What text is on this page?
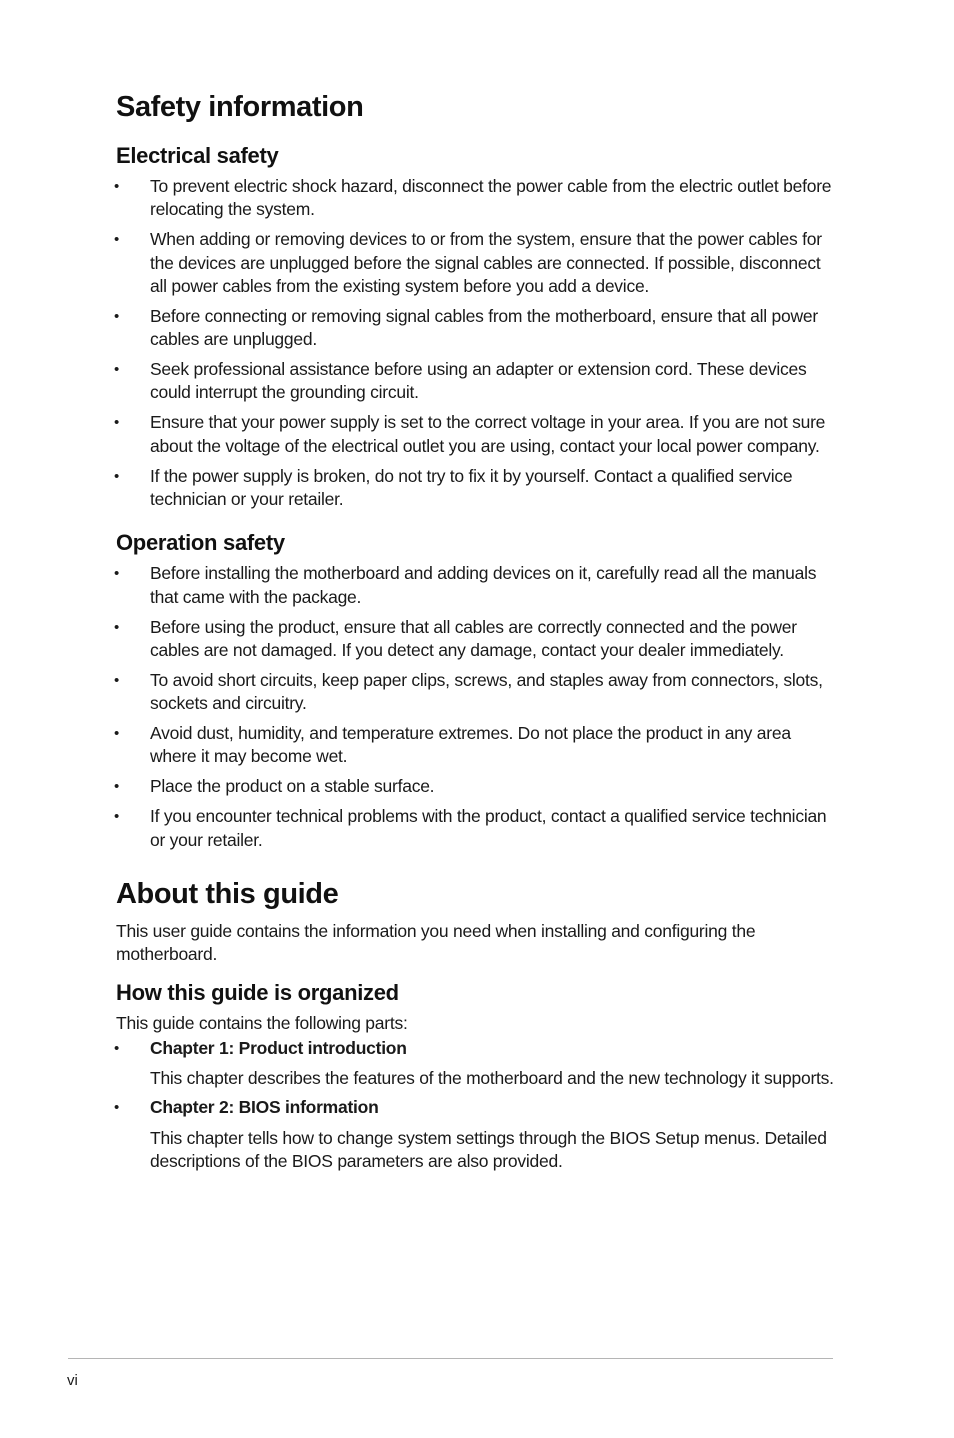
Safety information
Electrical safety
• To prevent electric shock hazard, disconnect the power cable from the electric outlet before relocating the system.
• When adding or removing devices to or from the system, ensure that the power cables for the devices are unplugged before the signal cables are connected. If possible, disconnect all power cables from the existing system before you add a device.
• Before connecting or removing signal cables from the motherboard, ensure that all power cables are unplugged.
• Seek professional assistance before using an adapter or extension cord. These devices could interrupt the grounding circuit.
• Ensure that your power supply is set to the correct voltage in your area. If you are not sure about the voltage of the electrical outlet you are using, contact your local power company.
• If the power supply is broken, do not try to fix it by yourself. Contact a qualified service technician or your retailer.
Operation safety
• Before installing the motherboard and adding devices on it, carefully read all the manuals that came with the package.
• Before using the product, ensure that all cables are correctly connected and the power cables are not damaged. If you detect any damage, contact your dealer immediately.
• To avoid short circuits, keep paper clips, screws, and staples away from connectors, slots, sockets and circuitry.
• Avoid dust, humidity, and temperature extremes. Do not place the product in any area where it may become wet.
• Place the product on a stable surface.
• If you encounter technical problems with the product, contact a qualified service technician or your retailer.
About this guide

This user guide contains the information you need when installing and configuring the motherboard.

How this guide is organized

This guide contains the following parts:

• Chapter 1: Product introduction
This chapter describes the features of the motherboard and the new technology it supports.
• Chapter 2: BIOS information
This chapter tells how to change system settings through the BIOS Setup menus. Detailed descriptions of the BIOS parameters are also provided.
vi
